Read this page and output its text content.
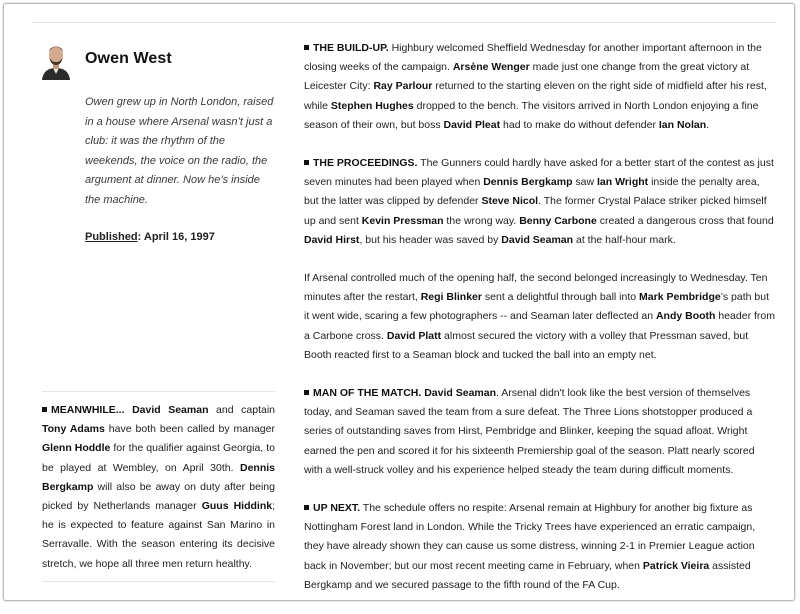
Owen West
Owen grew up in North London, raised in a house where Arsenal wasn’t just a club: it was the rhythm of the weekends, the voice on the radio, the argument at dinner. Now he’s inside the machine.
Published: April 16, 1997
MEANWHILE... David Seaman and captain Tony Adams have both been called by manager Glenn Hoddle for the qualifier against Georgia, to be played at Wembley, on April 30th. Dennis Bergkamp will also be away on duty after being picked by Netherlands manager Guus Hiddink; he is expected to feature against San Marino in Serravalle. With the season entering its decisive stretch, we hope all three men return healthy.

THE BUILD-UP. Highbury welcomed Sheffield Wednesday for another important afternoon in the closing weeks of the campaign. Arsène Wenger made just one change from the great victory at Leicester City: Ray Parlour returned to the starting eleven on the right side of midfield after his rest, while Stephen Hughes dropped to the bench. The visitors arrived in North London enjoying a fine season of their own, but boss David Pleat had to make do without defender Ian Nolan.

THE PROCEEDINGS. The Gunners could hardly have asked for a better start of the contest as just seven minutes had been played when Dennis Bergkamp saw Ian Wright inside the penalty area, but the latter was clipped by defender Steve Nicol. The former Crystal Palace striker picked himself up and sent Kevin Pressman the wrong way. Benny Carbone created a dangerous cross that found David Hirst, but his header was saved by David Seaman at the half-hour mark.

If Arsenal controlled much of the opening half, the second belonged increasingly to Wednesday. Ten minutes after the restart, Regi Blinker sent a delightful through ball into Mark Pembridge’s path but it went wide, scaring a few photographers -- and Seaman later deflected an Andy Booth header from a Carbone cross. David Platt almost secured the victory with a volley that Pressman saved, but Booth reacted first to a Seaman block and tucked the ball into an empty net.

MAN OF THE MATCH. David Seaman. Arsenal didn't look like the best version of themselves today, and Seaman saved the team from a sure defeat. The Three Lions shotstopper produced a series of outstanding saves from Hirst, Pembridge and Blinker, keeping the squad afloat. Wright earned the pen and scored it for his sixteenth Premiership goal of the season. Platt nearly scored with a well-struck volley and his experience helped steady the team during difficult moments.

UP NEXT. The schedule offers no respite: Arsenal remain at Highbury for another big fixture as Nottingham Forest land in London. While the Tricky Trees have experienced an erratic campaign, they have already shown they can cause us some distress, winning 2-1 in Premier League action back in November; but our most recent meeting came in February, when Patrick Vieira assisted Bergkamp and we secured passage to the fifth round of the FA Cup.
